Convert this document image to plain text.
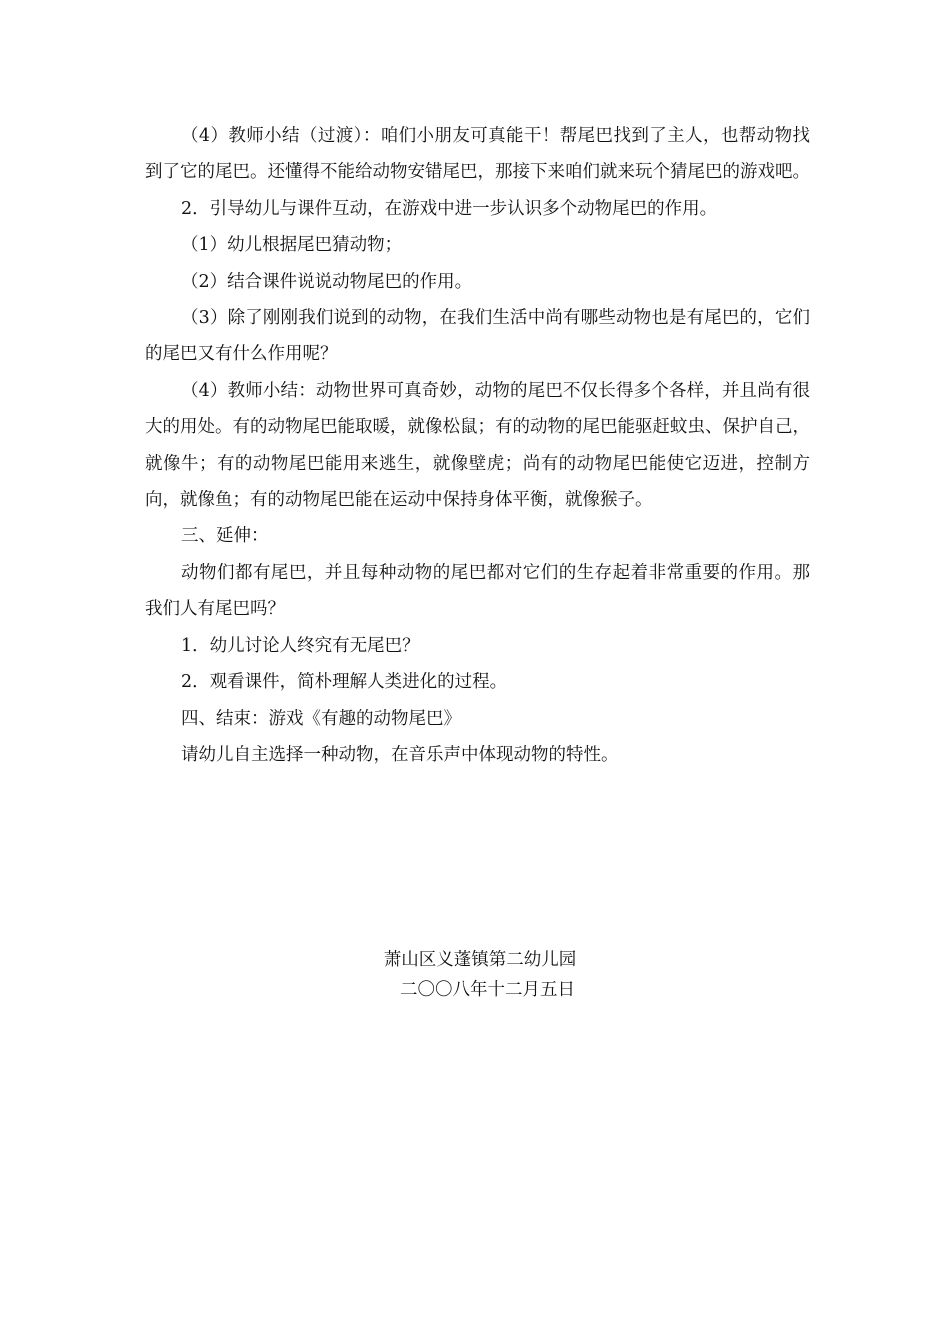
（4）教师小结（过渡）：咱们小朋友可真能干！帮尾巴找到了主人，也帮动物找到了它的尾巴。还懂得不能给动物安错尾巴，那接下来咱们就来玩个猜尾巴的游戏吧。

2．引导幼儿与课件互动，在游戏中进一步认识多个动物尾巴的作用。

（1）幼儿根据尾巴猜动物；

（2）结合课件说说动物尾巴的作用。

（3）除了刚刚我们说到的动物，在我们生活中尚有哪些动物也是有尾巴的，它们的尾巴又有什么作用呢？

（4）教师小结：动物世界可真奇妙，动物的尾巴不仅长得多个各样，并且尚有很大的用处。有的动物尾巴能取暖，就像松鼠；有的动物的尾巴能驱赶蚊虫、保护自己，就像牛；有的动物尾巴能用来逃生，就像壁虎；尚有的动物尾巴能使它迈进，控制方向，就像鱼；有的动物尾巴能在运动中保持身体平衡，就像猴子。

三、延伸：

动物们都有尾巴，并且每种动物的尾巴都对它们的生存起着非常重要的作用。那我们人有尾巴吗？

1．幼儿讨论人终究有无尾巴？

2．观看课件，简朴理解人类进化的过程。

四、结束：游戏《有趣的动物尾巴》

请幼儿自主选择一种动物，在音乐声中体现动物的特性。

萧山区义蓬镇第二幼儿园

二〇〇八年十二月五日
